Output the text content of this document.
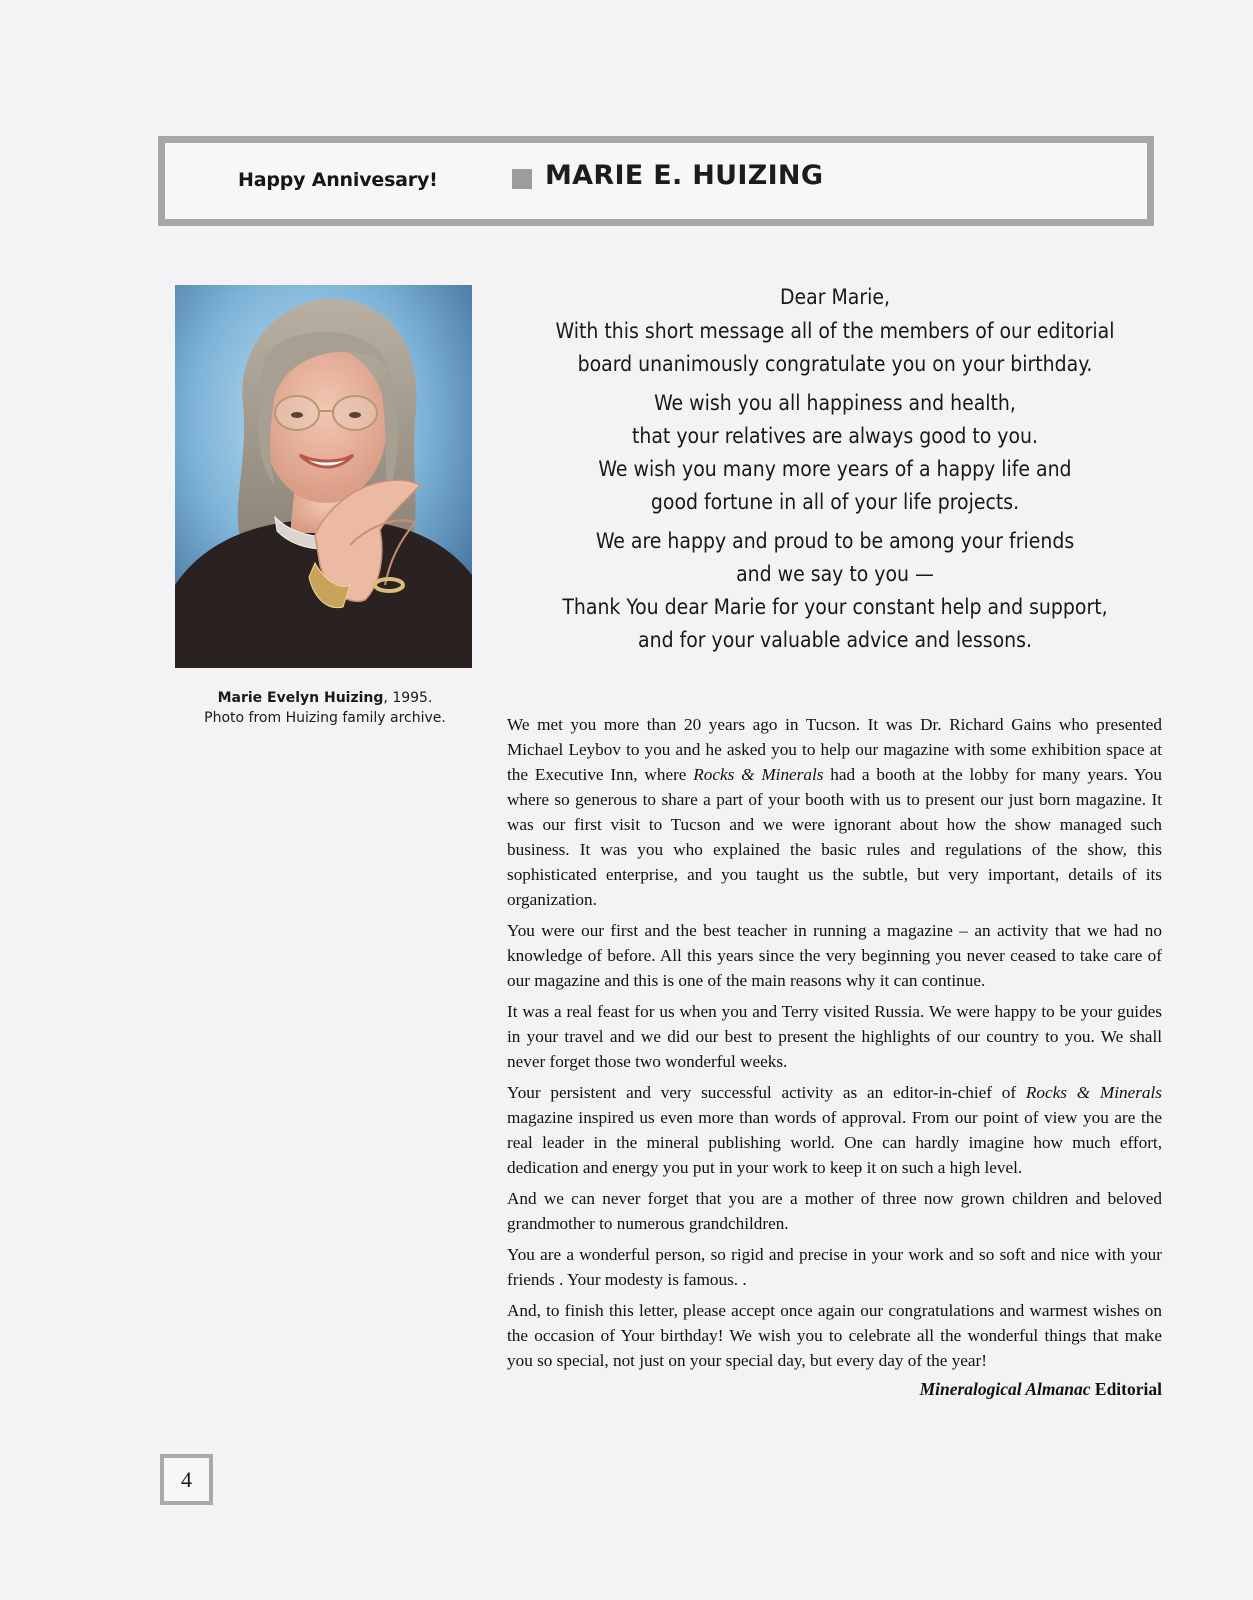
Happy Annivesary!	MARIE E. HUIZING
Marie Evelyn Huizing, 1995.
Photo from Huizing family archive.

Dear Marie,

With this short message all of the members of our editorial
board unanimously congratulate you on your birthday.

We wish you all happiness and health,
that your relatives are always good to you.
We wish you many more years of a happy life and
good fortune in all of your life projects.

We are happy and proud to be among your friends
and we say to you —
Thank You dear Marie for your constant help and support,
and for your valuable advice and lessons.

We met you more than 20 years ago in Tucson. It was Dr. Richard Gains who presented Michael Leybov to you and he asked you to help our magazine with some exhibition space at the Executive Inn, where Rocks & Minerals had a booth at the lobby for many years. You where so generous to share a part of your booth with us to present our just born magazine. It was our first visit to Tucson and we were ignorant about how the show managed such business. It was you who explained the basic rules and regulations of the show, this sophisticated enterprise, and you taught us the subtle, but very important, details of its organization.

You were our first and the best teacher in running a magazine – an activity that we had no knowledge of before. All this years since the very beginning you never ceased to take care of our magazine and this is one of the main reasons why it can continue.

It was a real feast for us when you and Terry visited Russia. We were happy to be your guides in your travel and we did our best to present the highlights of our country to you. We shall never forget those two wonderful weeks.

Your persistent and very successful activity as an editor-in-chief of Rocks & Minerals magazine inspired us even more than words of approval. From our point of view you are the real leader in the mineral publishing world. One can hardly imagine how much effort, dedication and energy you put in your work to keep it on such a high level.

And we can never forget that you are a mother of three now grown children and beloved grandmother to numerous grandchildren.

You are a wonderful person, so rigid and precise in your work and so soft and nice with your friends . Your modesty is famous. .

And, to finish this letter, please accept once again our congratulations and warmest wishes on the occasion of Your birthday! We wish you to celebrate all the wonderful things that make you so special, not just on your special day, but every day of the year!

Mineralogical Almanac Editorial
4
